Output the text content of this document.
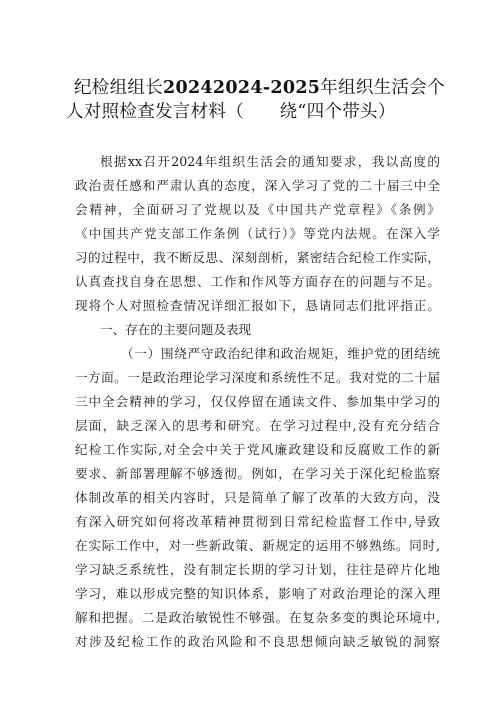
纪检组组长20242024-2025年组织生活会个
人对照检查发言材料（　　绕“四个带头）
根据xx召开2024年组织生活会的通知要求，我以高度的
政治责任感和严肃认真的态度，深入学习了党的二十届三中全
会精神，全面研习了党规以及《中国共产党章程》《条例》
《中国共产党支部工作条例（试行）》等党内法规。在深入学
习的过程中，我不断反思、深刻剖析，紧密结合纪检工作实际，
认真查找自身在思想、工作和作风等方面存在的问题与不足。
现将个人对照检查情况详细汇报如下，恳请同志们批评指正。
一、存在的主要问题及表现
（一）围绕严守政治纪律和政治规矩，维护党的团结统
一方面。一是政治理论学习深度和系统性不足。我对党的二十届
三中全会精神的学习，仅仅停留在通读文件、参加集中学习的
层面，缺乏深入的思考和研究。在学习过程中,没有充分结合
纪检工作实际,对全会中关于党风廉政建设和反腐败工作的新
要求、新部署理解不够透彻。例如，在学习关于深化纪检监察
体制改革的相关内容时，只是简单了解了改革的大致方向，没
有深入研究如何将改革精神贯彻到日常纪检监督工作中,导致
在实际工作中，对一些新政策、新规定的运用不够熟练。同时,
学习缺乏系统性，没有制定长期的学习计划，往往是碎片化地
学习，难以形成完整的知识体系，影响了对政治理论的深入理
解和把握。二是政治敏锐性不够强。在复杂多变的舆论环境中,
对涉及纪检工作的政治风险和不良思想倾向缺乏敏锐的洞察
